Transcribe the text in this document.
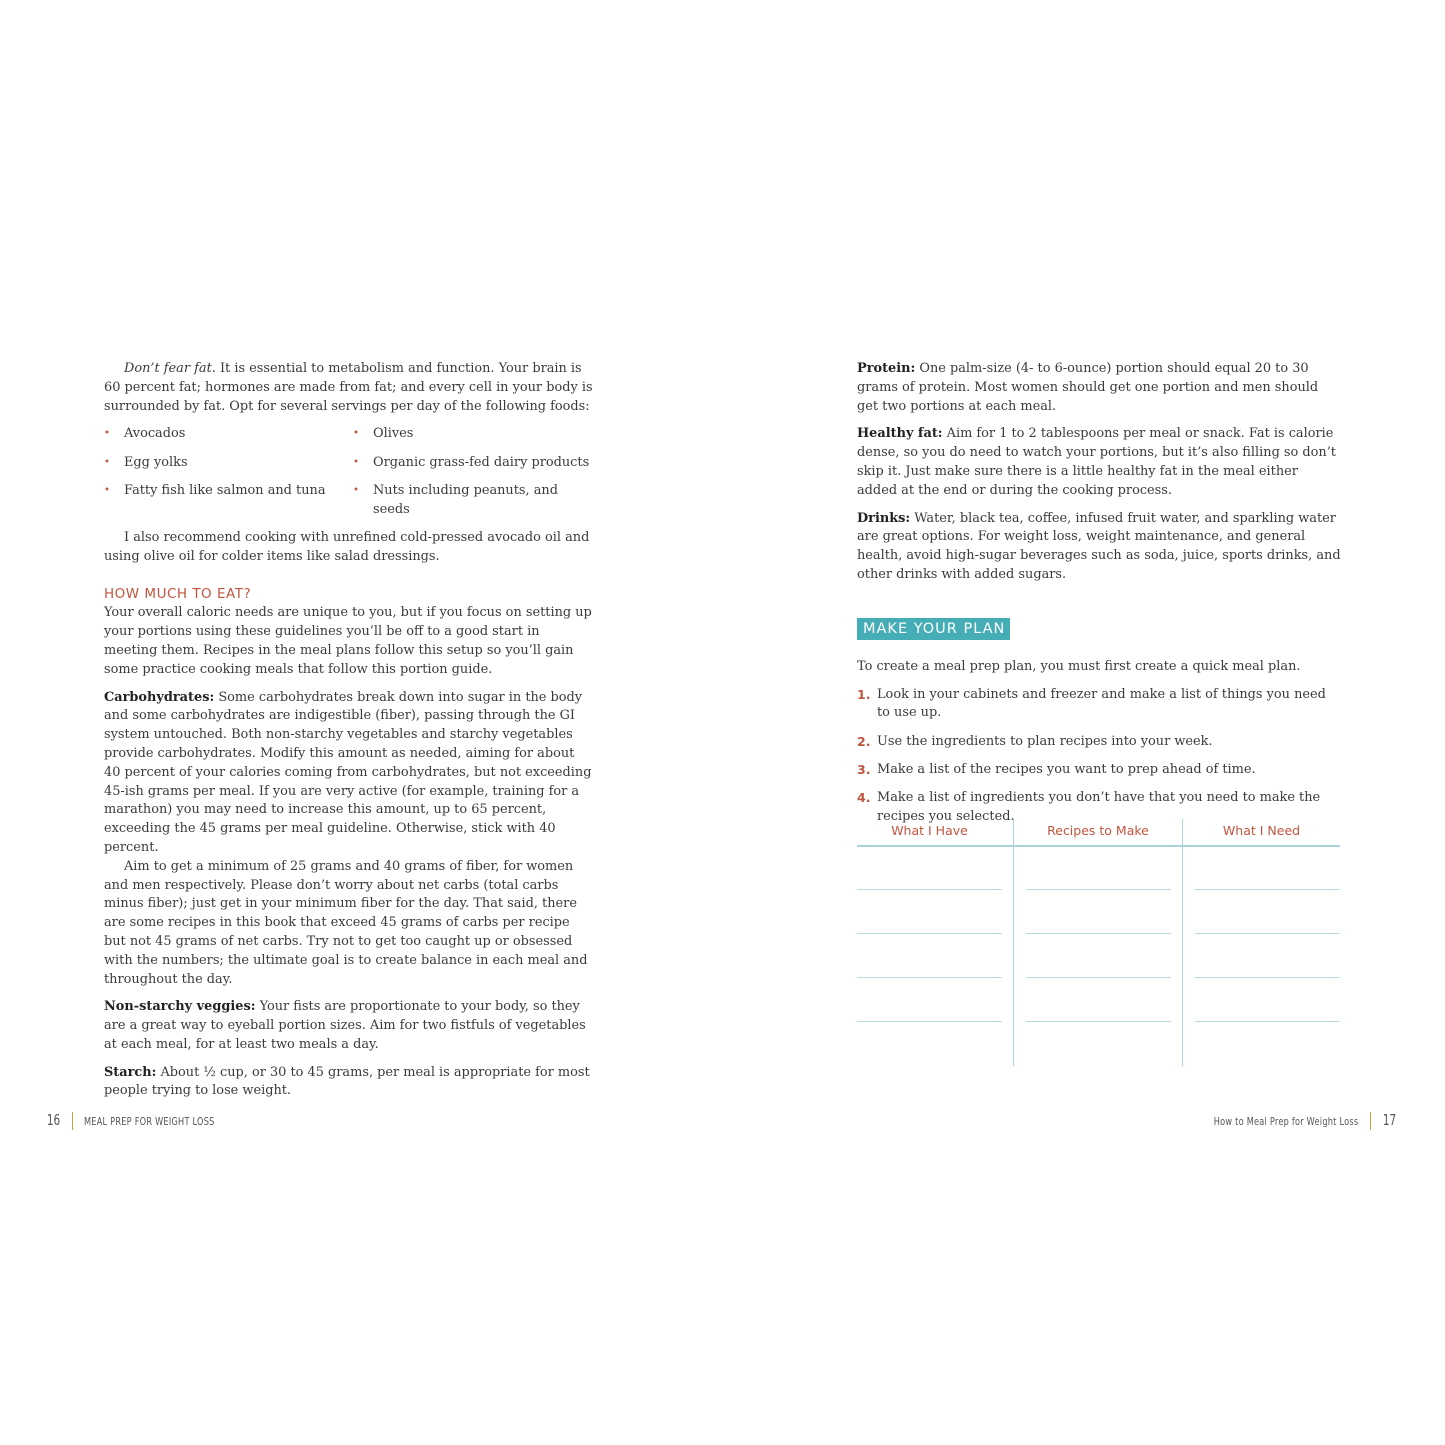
Don’t fear fat. It is essential to metabolism and function. Your brain is 60 percent fat; hormones are made from fat; and every cell in your body is surrounded by fat. Opt for several servings per day of the following foods:

• Avocados	• Olives
• Egg yolks	• Organic grass-fed dairy products
• Fatty fish like salmon and tuna	• Nuts including peanuts, and seeds

I also recommend cooking with unrefined cold-pressed avocado oil and using olive oil for colder items like salad dressings.

HOW MUCH TO EAT?

Your overall caloric needs are unique to you, but if you focus on setting up your portions using these guidelines you’ll be off to a good start in meeting them. Recipes in the meal plans follow this setup so you’ll gain some practice cooking meals that follow this portion guide.

Carbohydrates: Some carbohydrates break down into sugar in the body and some carbohydrates are indigestible (fiber), passing through the GI system untouched. Both non-starchy vegetables and starchy vegetables provide carbohydrates. Modify this amount as needed, aiming for about 40 percent of your calories coming from carbohydrates, but not exceeding 45-ish grams per meal. If you are very active (for example, training for a marathon) you may need to increase this amount, up to 65 percent, exceeding the 45 grams per meal guideline. Otherwise, stick with 40 percent.

Aim to get a minimum of 25 grams and 40 grams of fiber, for women and men respectively. Please don’t worry about net carbs (total carbs minus fiber); just get in your minimum fiber for the day. That said, there are some recipes in this book that exceed 45 grams of carbs per recipe but not 45 grams of net carbs. Try not to get too caught up or obsessed with the numbers; the ultimate goal is to create balance in each meal and throughout the day.

Non-starchy veggies: Your fists are proportionate to your body, so they are a great way to eyeball portion sizes. Aim for two fistfuls of vegetables at each meal, for at least two meals a day.

Starch: About ½ cup, or 30 to 45 grams, per meal is appropriate for most people trying to lose weight.

Protein: One palm-size (4- to 6-ounce) portion should equal 20 to 30 grams of protein. Most women should get one portion and men should get two portions at each meal.

Healthy fat: Aim for 1 to 2 tablespoons per meal or snack. Fat is calorie dense, so you do need to watch your portions, but it’s also filling so don’t skip it. Just make sure there is a little healthy fat in the meal either added at the end or during the cooking process.

Drinks: Water, black tea, coffee, infused fruit water, and sparkling water are great options. For weight loss, weight maintenance, and general health, avoid high-sugar beverages such as soda, juice, sports drinks, and other drinks with added sugars.

MAKE YOUR PLAN

To create a meal prep plan, you must first create a quick meal plan.

1. Look in your cabinets and freezer and make a list of things you need to use up.
2. Use the ingredients to plan recipes into your week.
3. Make a list of the recipes you want to prep ahead of time.
4. Make a list of ingredients you don’t have that you need to make the recipes you selected.
What I Have	Recipes to Make	What I Need
16 MEAL PREP FOR WEIGHT LOSS	How to Meal Prep for Weight Loss 17
